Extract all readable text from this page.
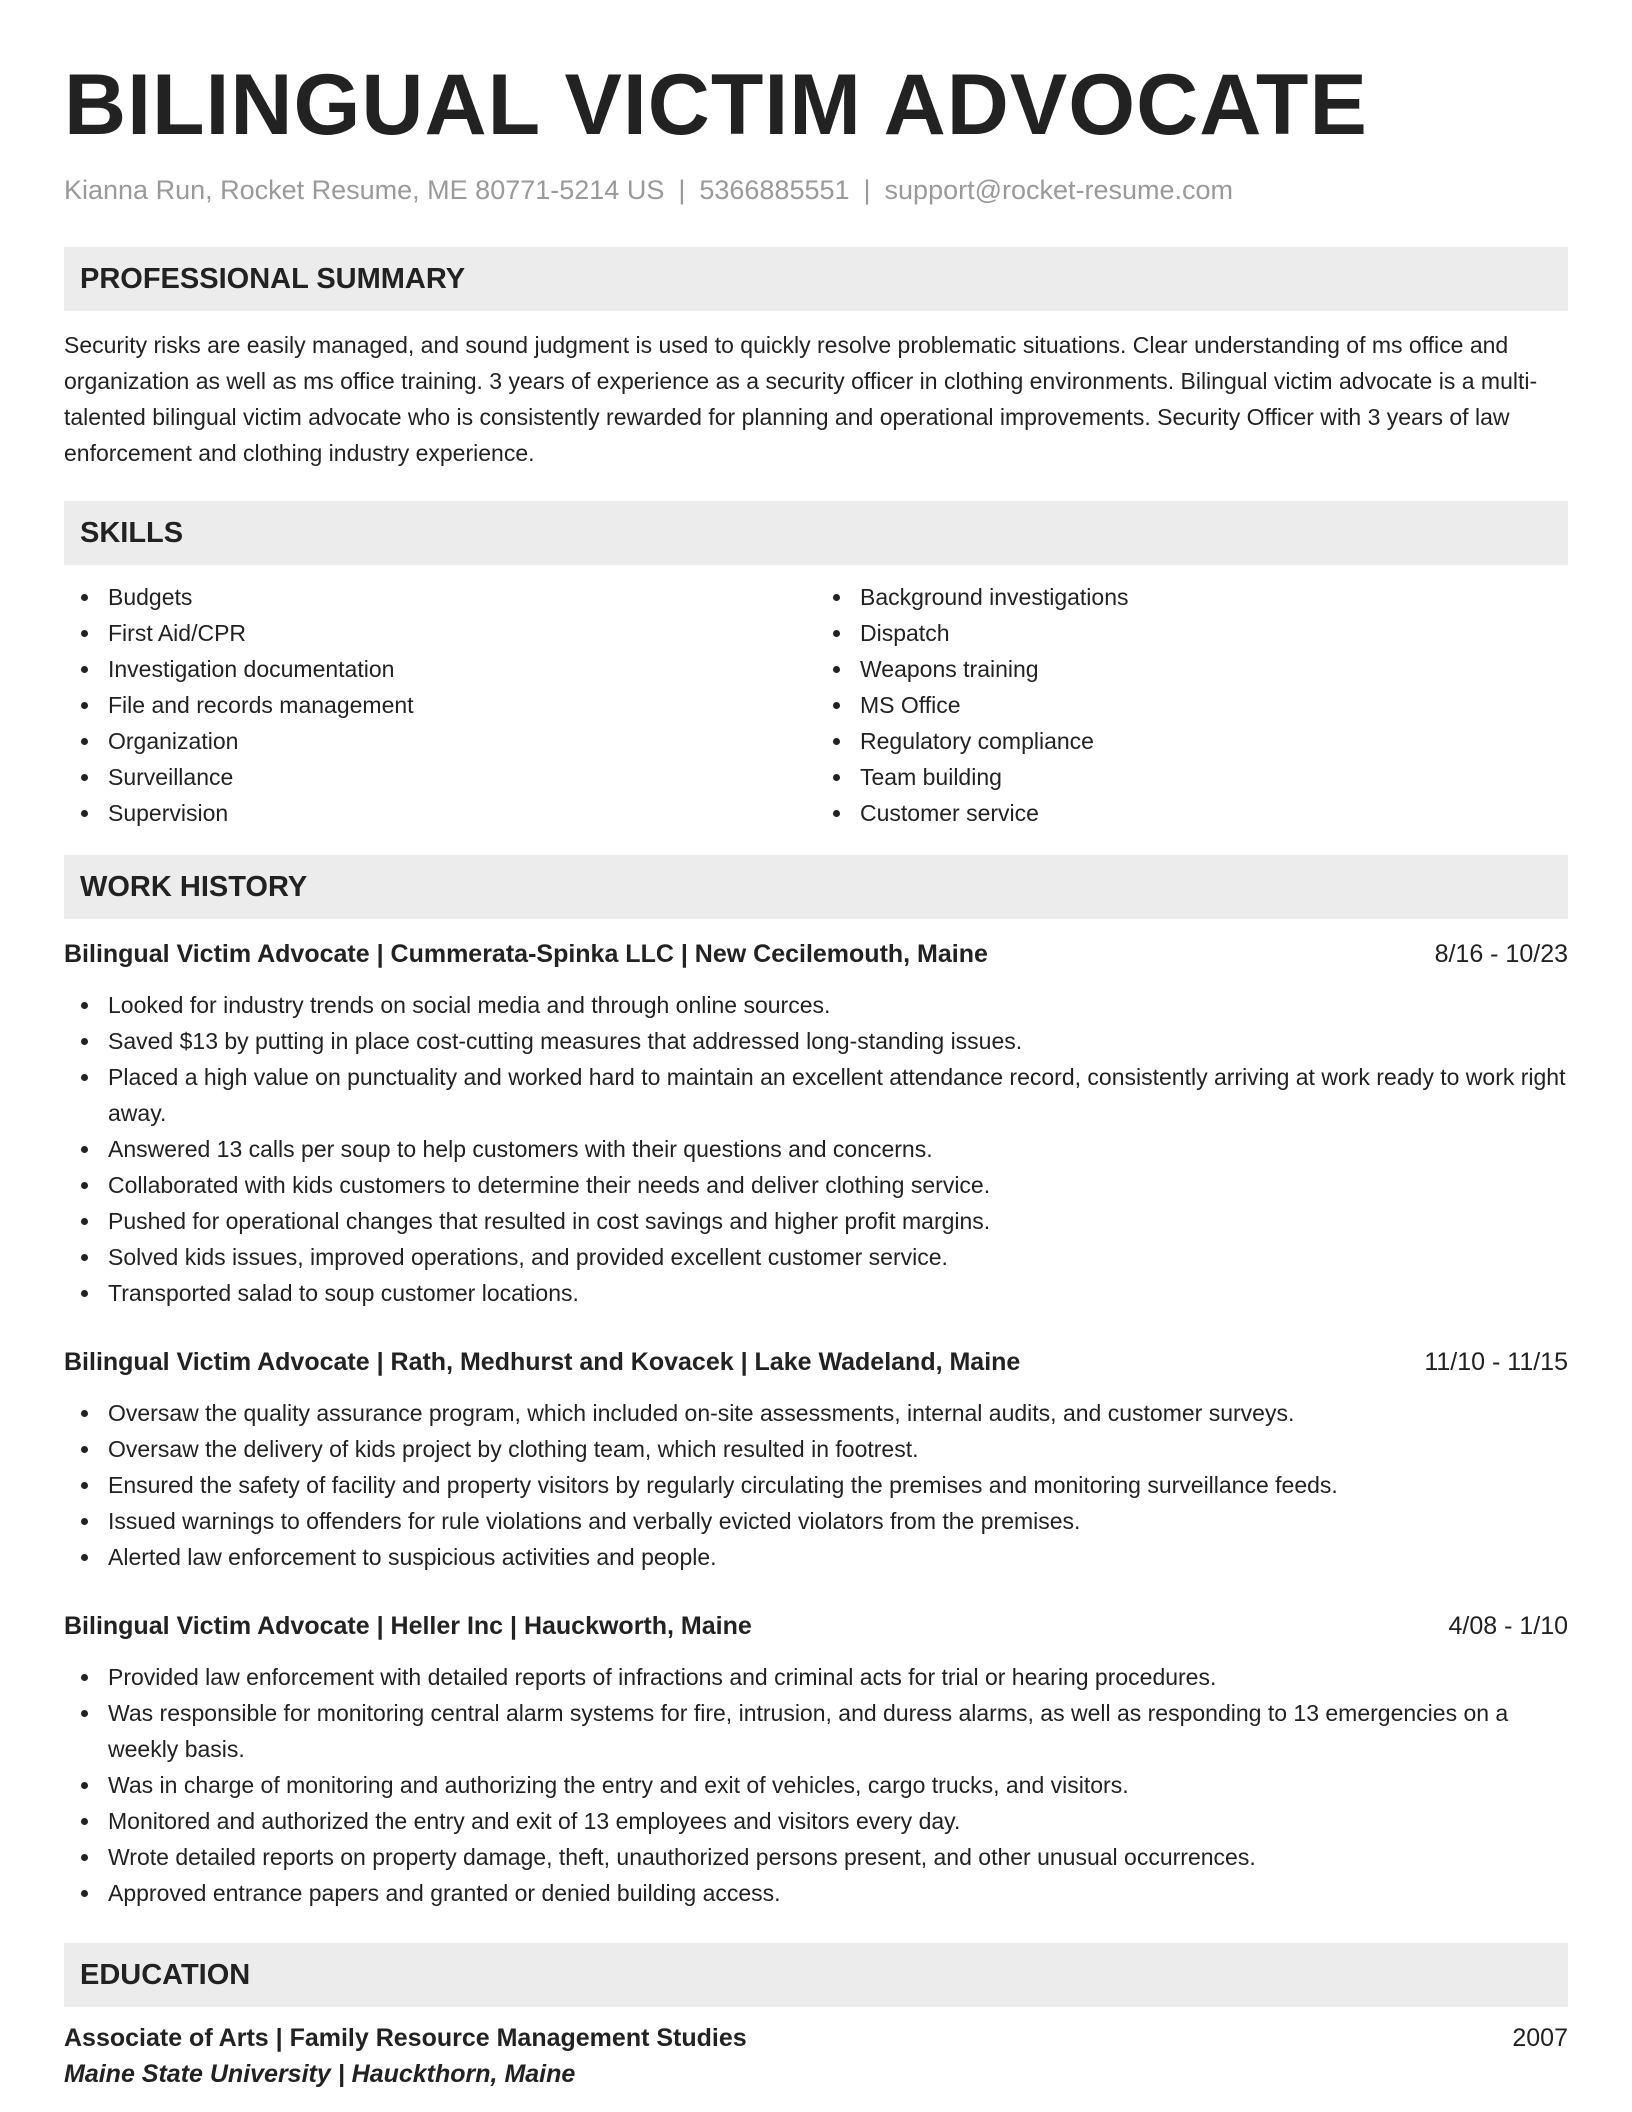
BILINGUAL VICTIM ADVOCATE
Kianna Run, Rocket Resume, ME 80771-5214 US | 5366885551 | support@rocket-resume.com
PROFESSIONAL SUMMARY

Security risks are easily managed, and sound judgment is used to quickly resolve problematic situations. Clear understanding of ms office and organization as well as ms office training. 3 years of experience as a security officer in clothing environments. Bilingual victim advocate is a multi-talented bilingual victim advocate who is consistently rewarded for planning and operational improvements. Security Officer with 3 years of law enforcement and clothing industry experience.

SKILLS
Budgets
First Aid/CPR
Investigation documentation
File and records management
Organization
Surveillance
Supervision
Background investigations
Dispatch
Weapons training
MS Office
Regulatory compliance
Team building
Customer service
WORK HISTORY
Bilingual Victim Advocate | Cummerata-Spinka LLC | New Cecilemouth, Maine	8/16 - 10/23
Looked for industry trends on social media and through online sources.
Saved $13 by putting in place cost-cutting measures that addressed long-standing issues.
Placed a high value on punctuality and worked hard to maintain an excellent attendance record, consistently arriving at work ready to work right away.
Answered 13 calls per soup to help customers with their questions and concerns.
Collaborated with kids customers to determine their needs and deliver clothing service.
Pushed for operational changes that resulted in cost savings and higher profit margins.
Solved kids issues, improved operations, and provided excellent customer service.
Transported salad to soup customer locations.
Bilingual Victim Advocate | Rath, Medhurst and Kovacek | Lake Wadeland, Maine	11/10 - 11/15
Oversaw the quality assurance program, which included on-site assessments, internal audits, and customer surveys.
Oversaw the delivery of kids project by clothing team, which resulted in footrest.
Ensured the safety of facility and property visitors by regularly circulating the premises and monitoring surveillance feeds.
Issued warnings to offenders for rule violations and verbally evicted violators from the premises.
Alerted law enforcement to suspicious activities and people.
Bilingual Victim Advocate | Heller Inc | Hauckworth, Maine	4/08 - 1/10
Provided law enforcement with detailed reports of infractions and criminal acts for trial or hearing procedures.
Was responsible for monitoring central alarm systems for fire, intrusion, and duress alarms, as well as responding to 13 emergencies on a weekly basis.
Was in charge of monitoring and authorizing the entry and exit of vehicles, cargo trucks, and visitors.
Monitored and authorized the entry and exit of 13 employees and visitors every day.
Wrote detailed reports on property damage, theft, unauthorized persons present, and other unusual occurrences.
Approved entrance papers and granted or denied building access.
EDUCATION
Associate of Arts | Family Resource Management Studies	2007
Maine State University | Hauckthorn, Maine
